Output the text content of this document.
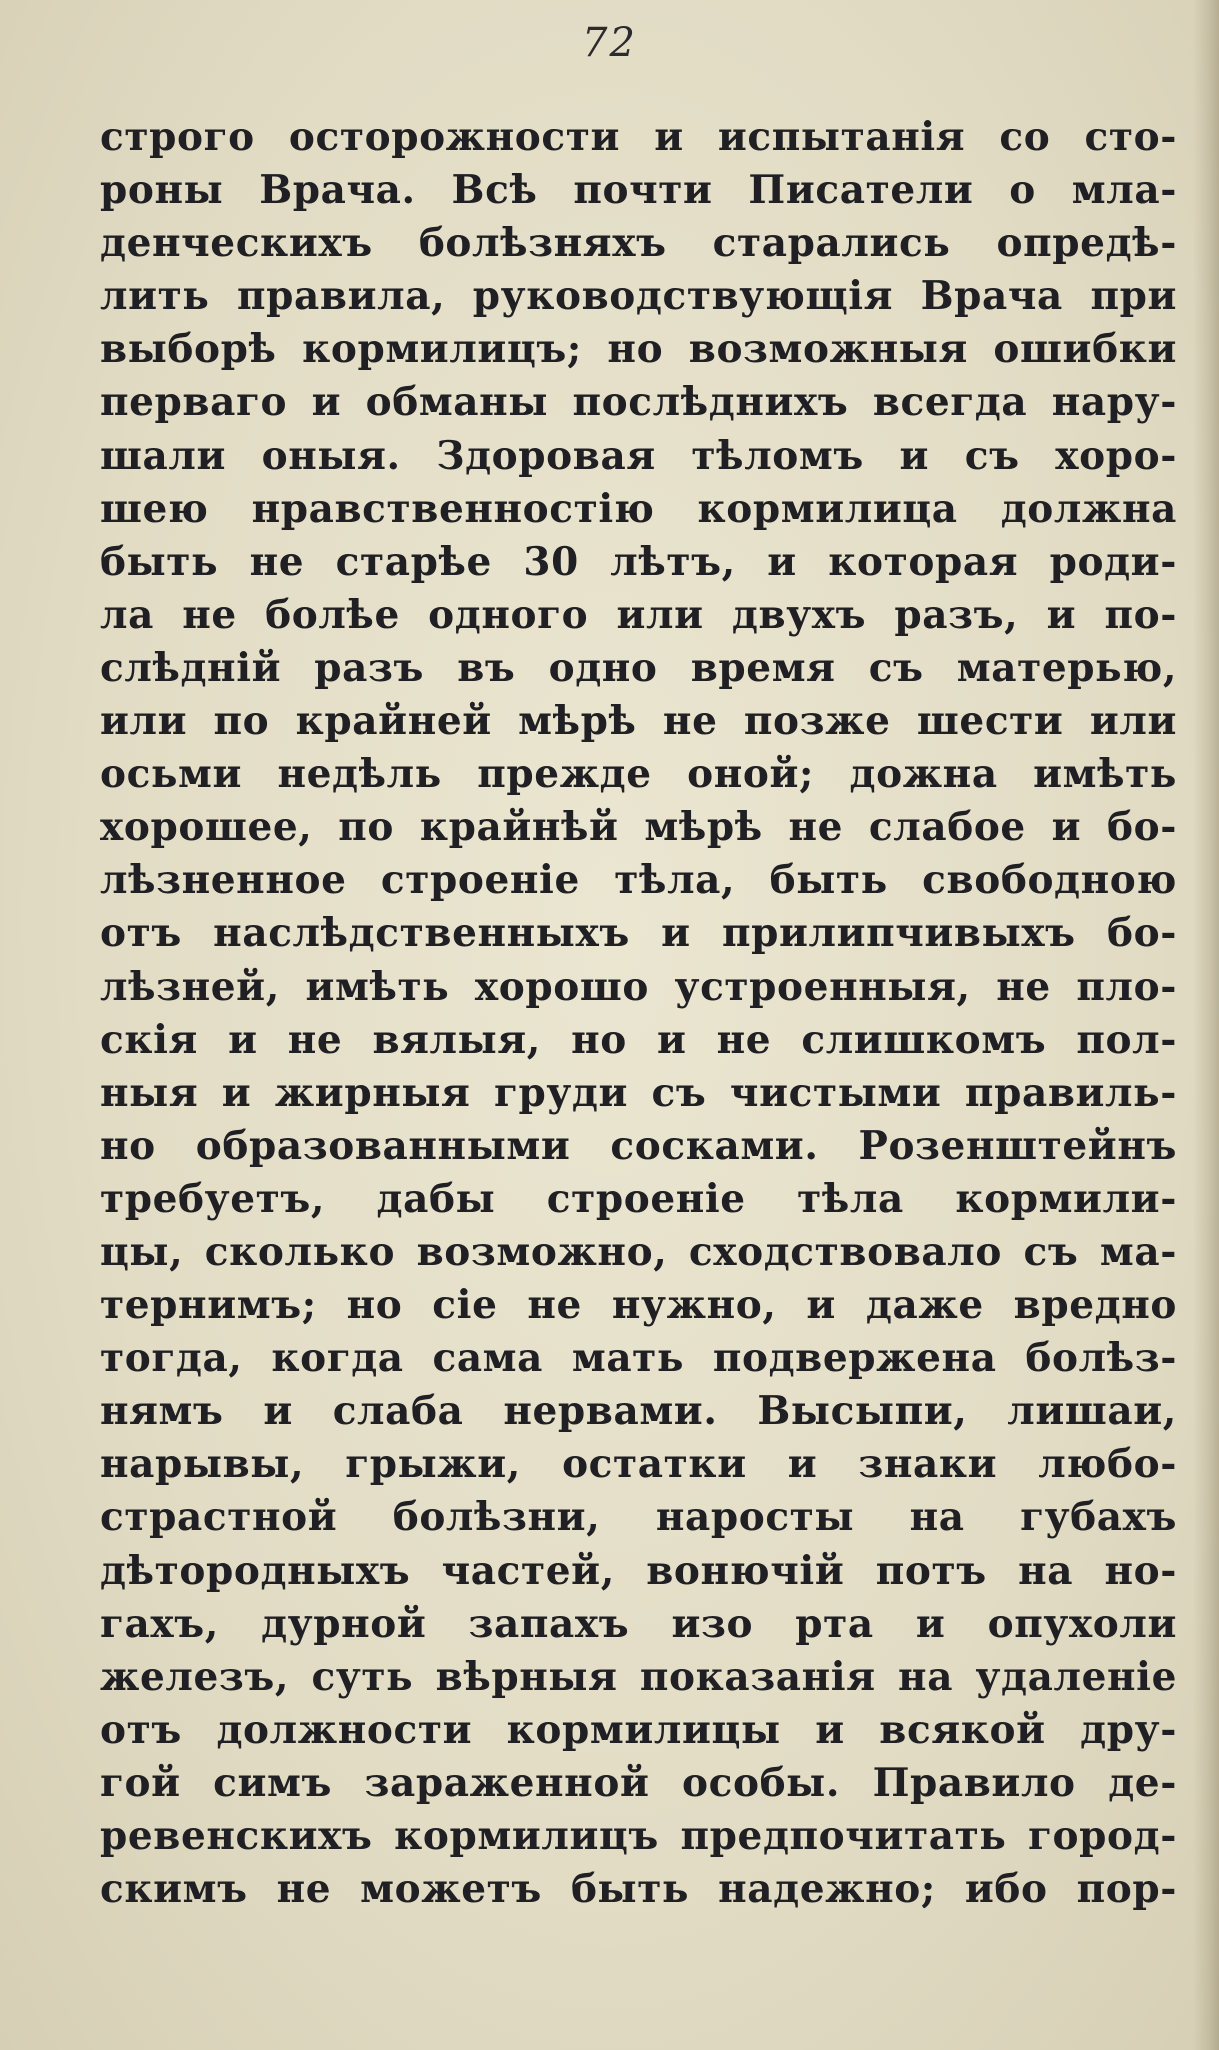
72
строго осторожности и испытанія со сто-
роны Врача. Всѣ почти Писатели о мла-
денческихъ болѣзняхъ старались опредѣ-
лить правила, руководствующія Врача при
выборѣ кормилицъ; но возможныя ошибки
перваго и обманы послѣднихъ всегда нару-
шали оныя. Здоровая тѣломъ и съ хоро-
шею нравственностію кормилица должна
быть не старѣе 30 лѣтъ, и которая роди-
ла не болѣе одного или двухъ разъ, и по-
слѣдній разъ въ одно время съ матерью,
или по крайней мѣрѣ не позже шести или
осьми недѣль прежде оной; дожна имѣть
хорошее, по крайнѣй мѣрѣ не слабое и бо-
лѣзненное строеніе тѣла, быть свободною
отъ наслѣдственныхъ и прилипчивыхъ бо-
лѣзней, имѣть хорошо устроенныя, не пло-
скія и не вялыя, но и не слишкомъ пол-
ныя и жирныя груди съ чистыми правиль-
но образованными сосками. Розенштейнъ
требуетъ, дабы строеніе тѣла кормили-
цы, сколько возможно, сходствовало съ ма-
тернимъ; но сіе не нужно, и даже вредно
тогда, когда сама мать подвержена болѣз-
нямъ и слаба нервами. Высыпи, лишаи,
нарывы, грыжи, остатки и знаки любо-
страстной болѣзни, наросты на губахъ
дѣтородныхъ частей, вонючій потъ на но-
гахъ, дурной запахъ изо рта и опухоли
железъ, суть вѣрныя показанія на удаленіе
отъ должности кормилицы и всякой дру-
гой симъ зараженной особы. Правило де-
ревенскихъ кормилицъ предпочитать город-
скимъ не можетъ быть надежно; ибо пор-
